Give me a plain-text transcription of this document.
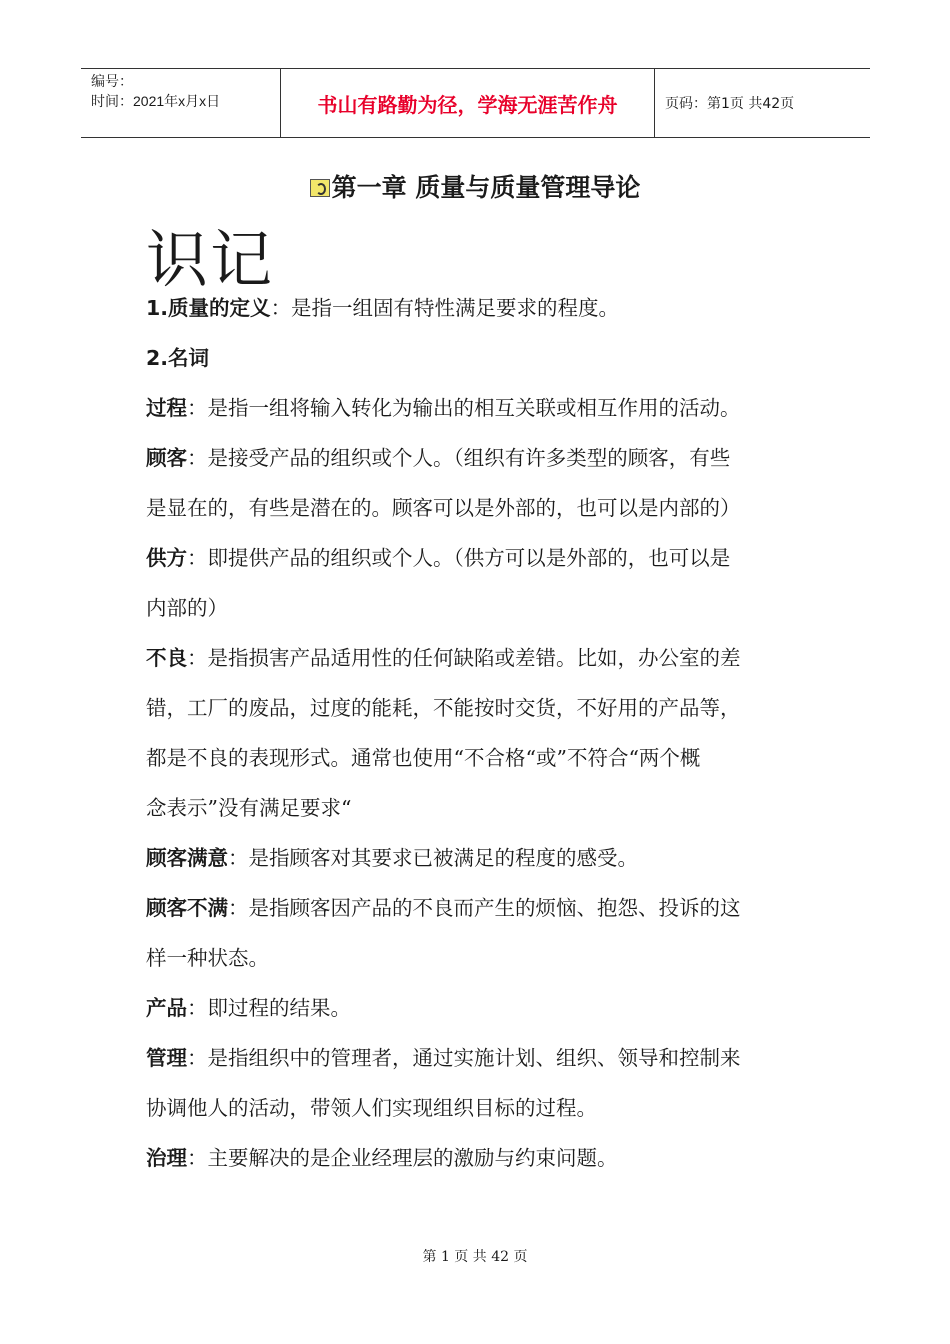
编号：
时间：2021年x月x日	书山有路勤为径，学海无涯苦作舟	页码：第1页 共42页
第一章 质量与质量管理导论
识记
1.质量的定义：是指一组固有特性满足要求的程度。
2.名词
过程：是指一组将输入转化为输出的相互关联或相互作用的活动。
顾客：是接受产品的组织或个人。（组织有许多类型的顾客，有些
是显在的，有些是潜在的。顾客可以是外部的，也可以是内部的）
供方：即提供产品的组织或个人。（供方可以是外部的，也可以是
内部的）
不良：是指损害产品适用性的任何缺陷或差错。比如，办公室的差
错，工厂的废品，过度的能耗，不能按时交货，不好用的产品等，
都是不良的表现形式。通常也使用“不合格“或”不符合“两个概
念表示”没有满足要求“
顾客满意：是指顾客对其要求已被满足的程度的感受。
顾客不满：是指顾客因产品的不良而产生的烦恼、抱怨、投诉的这
样一种状态。
产品：即过程的结果。
管理：是指组织中的管理者，通过实施计划、组织、领导和控制来
协调他人的活动，带领人们实现组织目标的过程。
治理：主要解决的是企业经理层的激励与约束问题。
第 1 页 共 42 页
